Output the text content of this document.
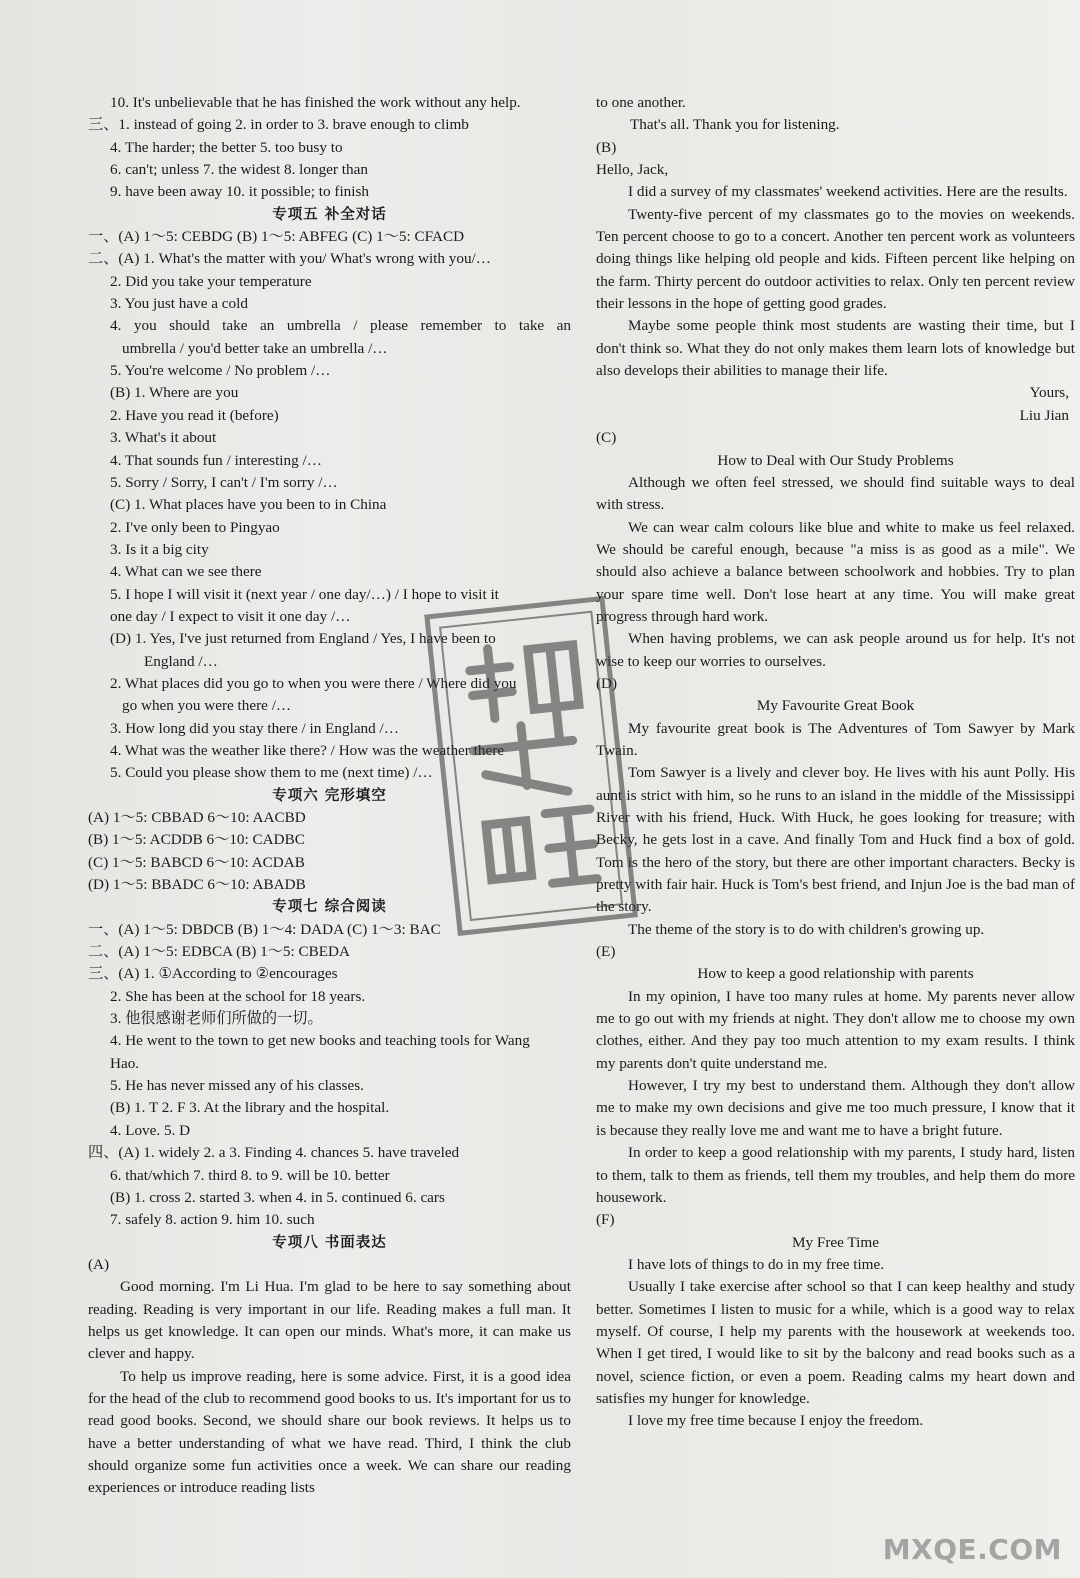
10. It's unbelievable that he has finished the work without any help.
三、1. instead of going 2. in order to 3. brave enough to climb
4. The harder; the better 5. too busy to
6. can't; unless 7. the widest 8. longer than
9. have been away 10. it possible; to finish
专项五 补全对话
一、(A) 1～5: CEBDG (B) 1～5: ABFEG (C) 1～5: CFACD
二、(A) 1. What's the matter with you/ What's wrong with you/…
2. Did you take your temperature
3. You just have a cold
4. you should take an umbrella / please remember to take an
umbrella / you'd better take an umbrella /…
5. You're welcome / No problem /…
(B) 1. Where are you
2. Have you read it (before)
3. What's it about
4. That sounds fun / interesting /…
5. Sorry / Sorry, I can't / I'm sorry /…
(C) 1. What places have you been to in China
2. I've only been to Pingyao
3. Is it a big city
4. What can we see there
5. I hope I will visit it (next year / one day/…) / I hope to visit it
one day / I expect to visit it one day /…
(D) 1. Yes, I've just returned from England / Yes, I have been to
England /…
2. What places did you go to when you were there / Where did you
go when you were there /…
3. How long did you stay there / in England /…
4. What was the weather like there? / How was the weather there
5. Could you please show them to me (next time) /…
专项六 完形填空
(A) 1～5: CBBAD 6～10: AACBD
(B) 1～5: ACDDB 6～10: CADBC
(C) 1～5: BABCD 6～10: ACDAB
(D) 1～5: BBADC 6～10: ABADB
专项七 综合阅读
一、(A) 1～5: DBDCB (B) 1～4: DADA (C) 1～3: BAC
二、(A) 1～5: EDBCA (B) 1～5: CBEDA
三、(A) 1. ①According to ②encourages
2. She has been at the school for 18 years.
3. 他很感谢老师们所做的一切。
4. He went to the town to get new books and teaching tools for Wang
Hao.
5. He has never missed any of his classes.
(B) 1. T 2. F 3. At the library and the hospital.
4. Love. 5. D
四、(A) 1. widely 2. a 3. Finding 4. chances 5. have traveled
6. that/which 7. third 8. to 9. will be 10. better
(B) 1. cross 2. started 3. when 4. in 5. continued 6. cars
7. safely 8. action 9. him 10. such
专项八 书面表达
(A)
Good morning. I'm Li Hua. I'm glad to be here to say something about reading. Reading is very important in our life. Reading makes a full man. It helps us get knowledge. It can open our minds. What's more, it can make us clever and happy.
To help us improve reading, here is some advice. First, it is a good idea for the head of the club to recommend good books to us. It's important for us to read good books. Second, we should share our book reviews. It helps us to have a better understanding of what we have read. Third, I think the club should organize some fun activities once a week. We can share our reading experiences or introduce reading lists
to one another.
That's all. Thank you for listening.
(B)
Hello, Jack,
I did a survey of my classmates' weekend activities. Here are the results.
Twenty-five percent of my classmates go to the movies on weekends. Ten percent choose to go to a concert. Another ten percent work as volunteers doing things like helping old people and kids. Fifteen percent like helping on the farm. Thirty percent do outdoor activities to relax. Only ten percent review their lessons in the hope of getting good grades.
Maybe some people think most students are wasting their time, but I don't think so. What they do not only makes them learn lots of knowledge but also develops their abilities to manage their life.
Yours,
Liu Jian
(C)
How to Deal with Our Study Problems
Although we often feel stressed, we should find suitable ways to deal with stress.
We can wear calm colours like blue and white to make us feel relaxed. We should be careful enough, because "a miss is as good as a mile". We should also achieve a balance between schoolwork and hobbies. Try to plan your spare time well. Don't lose heart at any time. You will make great progress through hard work.
When having problems, we can ask people around us for help. It's not wise to keep our worries to ourselves.
(D)
My Favourite Great Book
My favourite great book is The Adventures of Tom Sawyer by Mark Twain.
Tom Sawyer is a lively and clever boy. He lives with his aunt Polly. His aunt is strict with him, so he runs to an island in the middle of the Mississippi River with his friend, Huck. With Huck, he goes looking for treasure; with Becky, he gets lost in a cave. And finally Tom and Huck find a box of gold. Tom is the hero of the story, but there are other important characters. Becky is pretty with fair hair. Huck is Tom's best friend, and Injun Joe is the bad man of the story.
The theme of the story is to do with children's growing up.
(E)
How to keep a good relationship with parents
In my opinion, I have too many rules at home. My parents never allow me to go out with my friends at night. They don't allow me to choose my own clothes, either. And they pay too much attention to my exam results. I think my parents don't quite understand me.
However, I try my best to understand them. Although they don't allow me to make my own decisions and give me too much pressure, I know that it is because they really love me and want me to have a bright future.
In order to keep a good relationship with my parents, I study hard, listen to them, talk to them as friends, tell them my troubles, and help them do more housework.
(F)
My Free Time
I have lots of things to do in my free time.
Usually I take exercise after school so that I can keep healthy and study better. Sometimes I listen to music for a while, which is a good way to relax myself. Of course, I help my parents with the housework at weekends too. When I get tired, I would like to sit by the balcony and read books such as a novel, science fiction, or even a poem. Reading calms my heart down and satisfies my hunger for knowledge.
I love my free time because I enjoy the freedom.
MXQE.COM
